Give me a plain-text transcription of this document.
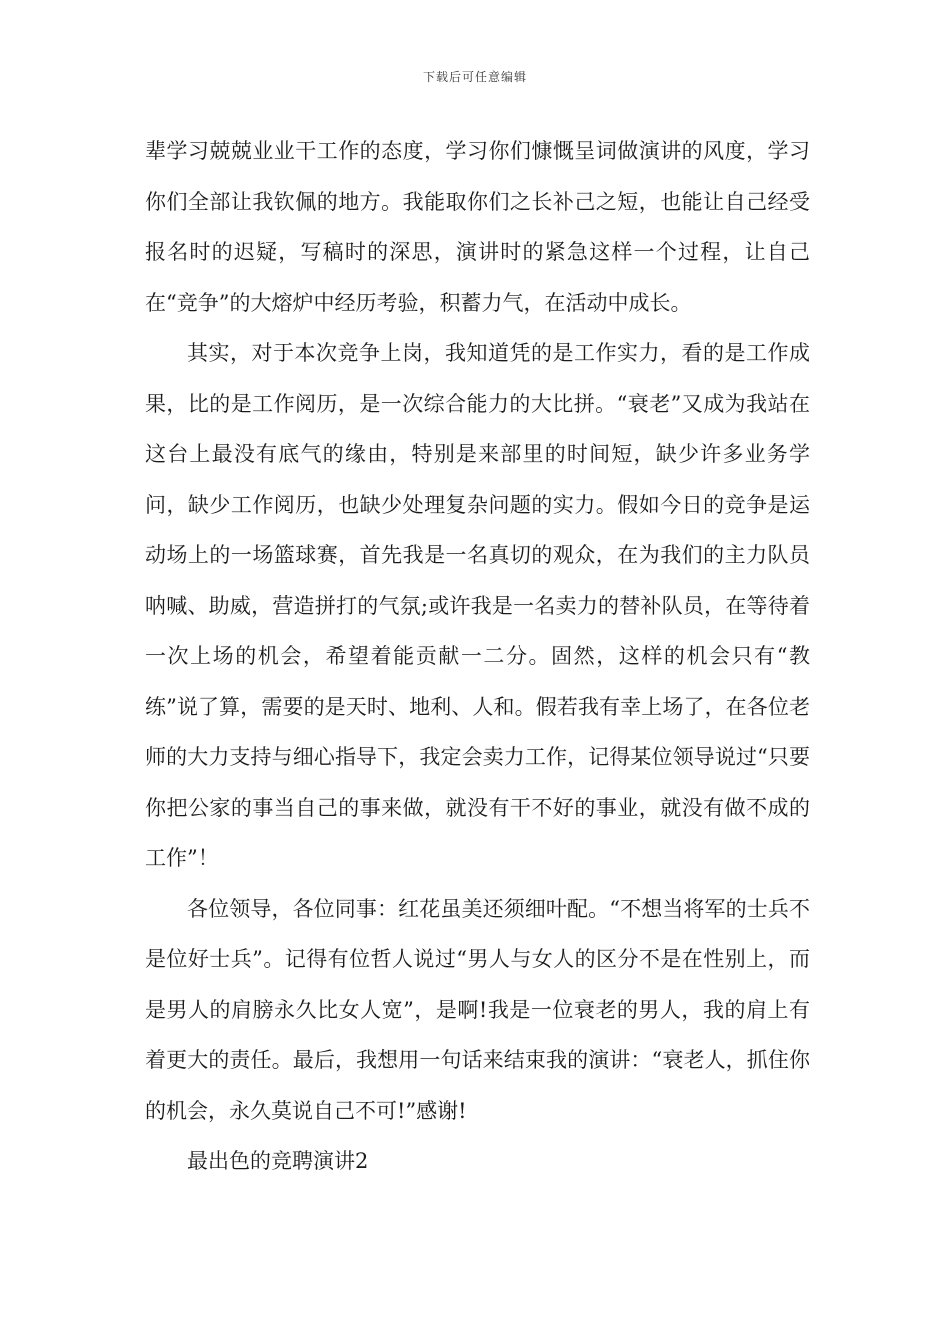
下载后可任意编辑

辈学习兢兢业业干工作的态度，学习你们慷慨呈词做演讲的风度，学习你们全部让我钦佩的地方。我能取你们之长补己之短，也能让自己经受报名时的迟疑，写稿时的深思，演讲时的紧急这样一个过程，让自己在“竞争”的大熔炉中经历考验，积蓄力气，在活动中成长。

其实，对于本次竞争上岗，我知道凭的是工作实力，看的是工作成果，比的是工作阅历，是一次综合能力的大比拼。“衰老”又成为我站在这台上最没有底气的缘由，特别是来部里的时间短，缺少许多业务学问，缺少工作阅历，也缺少处理复杂问题的实力。假如今日的竞争是运动场上的一场篮球赛，首先我是一名真切的观众，在为我们的主力队员呐喊、助威，营造拼打的气氛;或许我是一名卖力的替补队员，在等待着一次上场的机会，希望着能贡献一二分。固然，这样的机会只有“教练”说了算，需要的是天时、地利、人和。假若我有幸上场了，在各位老师的大力支持与细心指导下，我定会卖力工作，记得某位领导说过“只要你把公家的事当自己的事来做，就没有干不好的事业，就没有做不成的工作”！

各位领导，各位同事：红花虽美还须细叶配。“不想当将军的士兵不是位好士兵”。记得有位哲人说过“男人与女人的区分不是在性别上，而是男人的肩膀永久比女人宽”，是啊!我是一位衰老的男人，我的肩上有着更大的责任。最后，我想用一句话来结束我的演讲：“衰老人，抓住你的机会，永久莫说自己不可!”感谢!

最出色的竞聘演讲2
